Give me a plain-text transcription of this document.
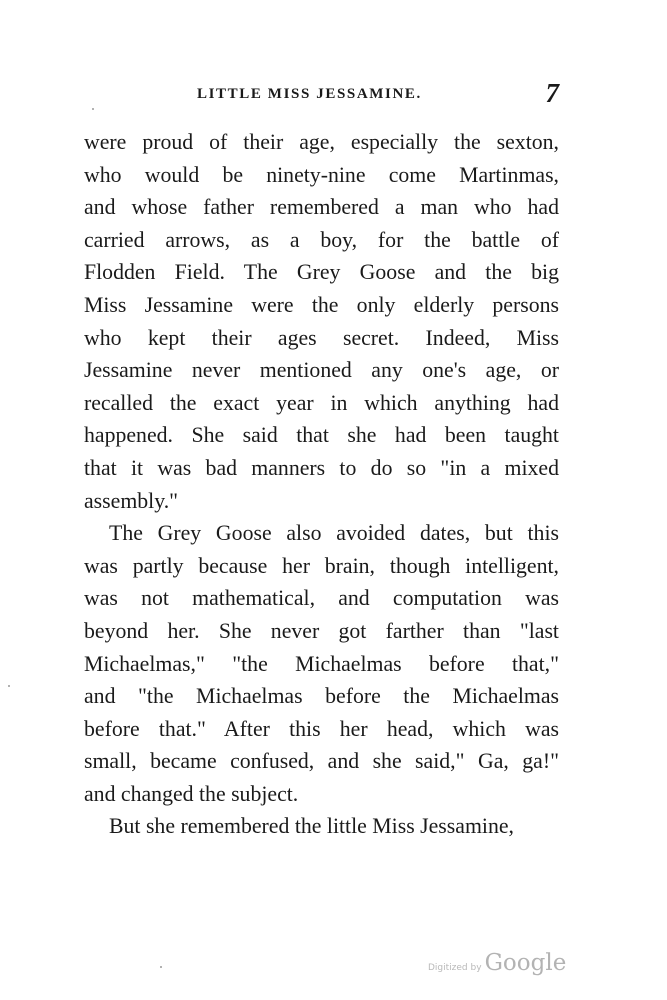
LITTLE MISS JESSAMINE.	7
were proud of their age, especially the sexton,
who would be ninety-nine come Martinmas,
and whose father remembered a man who had
carried arrows, as a boy, for the battle of
Flodden Field. The Grey Goose and the big
Miss Jessamine were the only elderly persons
who kept their ages secret. Indeed, Miss
Jessamine never mentioned any one's age, or
recalled the exact year in which anything had
happened. She said that she had been taught
that it was bad manners to do so "in a mixed
assembly."
The Grey Goose also avoided dates, but this
was partly because her brain, though intelligent,
was not mathematical, and computation was
beyond her. She never got farther than "last
Michaelmas," "the Michaelmas before that,"
and "the Michaelmas before the Michaelmas
before that." After this her head, which was
small, became confused, and she said," Ga, ga!"
and changed the subject.
But she remembered the little Miss Jessamine,
Digitized by Google
